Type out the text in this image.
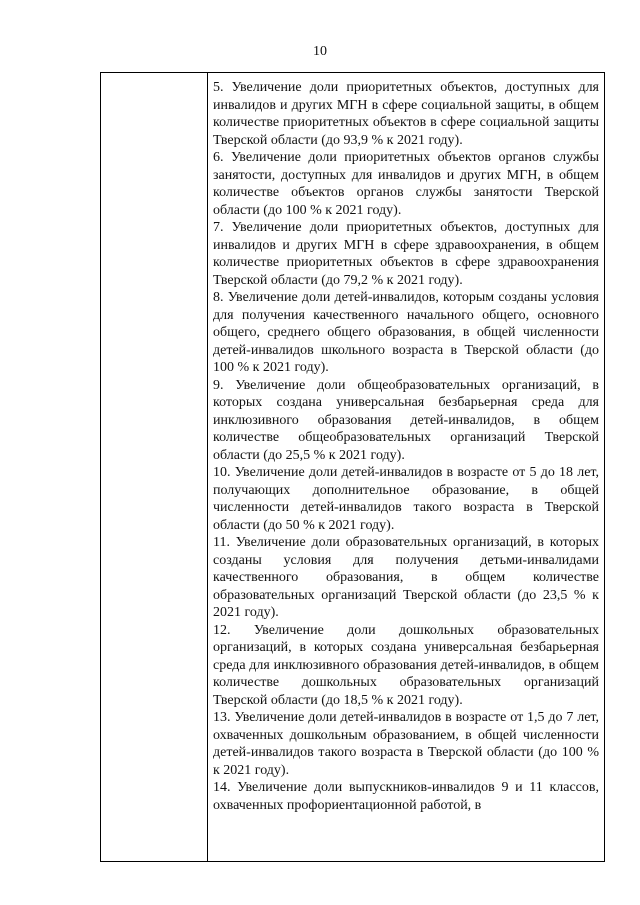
10

5. Увеличение доли приоритетных объектов, доступных для инвалидов и других МГН в сфере социальной защиты, в общем количестве приоритетных объектов в сфере социальной защиты Тверской области (до 93,9 % к 2021 году).

6. Увеличение доли приоритетных объектов органов службы занятости, доступных для инвалидов и других МГН, в общем количестве объектов органов службы занятости Тверской области (до 100 % к 2021 году).

7. Увеличение доли приоритетных объектов, доступных для инвалидов и других МГН в сфере здравоохранения, в общем количестве приоритетных объектов в сфере здравоохранения Тверской области (до 79,2 % к 2021 году).

8. Увеличение доли детей-инвалидов, которым созданы условия для получения качественного начального общего, основного общего, среднего общего образования, в общей численности детей-инвалидов школьного возраста в Тверской области (до 100 % к 2021 году).

9. Увеличение доли общеобразовательных организаций, в которых создана универсальная безбарьерная среда для инклюзивного образования детей-инвалидов, в общем количестве общеобразовательных организаций Тверской области (до 25,5 % к 2021 году).

10. Увеличение доли детей-инвалидов в возрасте от 5 до 18 лет, получающих дополнительное образование, в общей численности детей-инвалидов такого возраста в Тверской области (до 50 % к 2021 году).

11. Увеличение доли образовательных организаций, в которых созданы условия для получения детьми-инвалидами качественного образования, в общем количестве образовательных организаций Тверской области (до 23,5 % к 2021 году).

12. Увеличение доли дошкольных образовательных организаций, в которых создана универсальная безбарьерная среда для инклюзивного образования детей-инвалидов, в общем количестве дошкольных образовательных организаций Тверской области (до 18,5 % к 2021 году).

13. Увеличение доли детей-инвалидов в возрасте от 1,5 до 7 лет, охваченных дошкольным образованием, в общей численности детей-инвалидов такого возраста в Тверской области (до 100 % к 2021 году).

14. Увеличение доли выпускников-инвалидов 9 и 11 классов, охваченных профориентационной работой, в
